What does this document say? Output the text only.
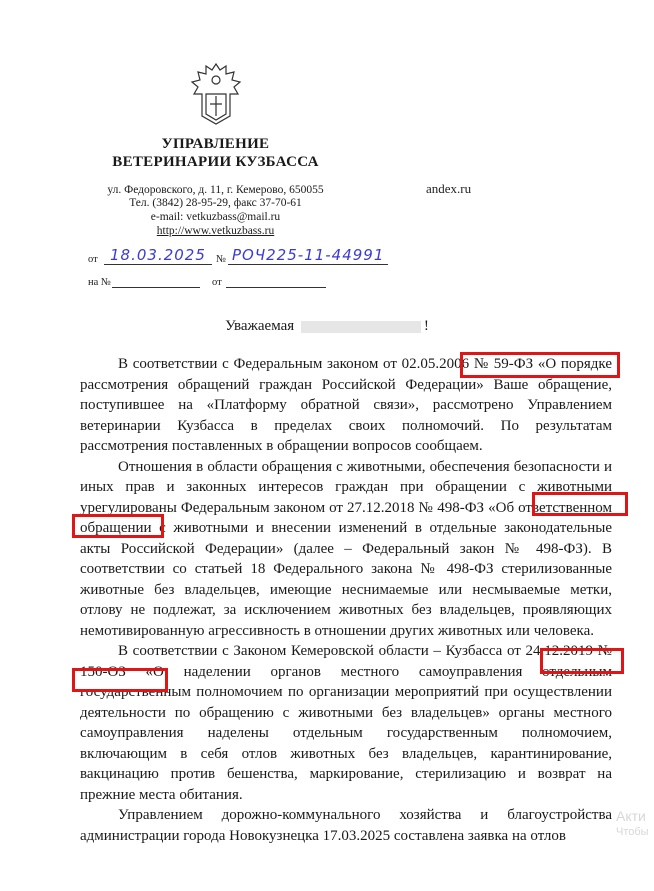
УПРАВЛЕНИЕ
ВЕТЕРИНАРИИ КУЗБАССА
ул. Федоровского, д. 11, г. Кемерово, 650055
Тел. (3842) 28-95-29, факс 37-70-61
e-mail: vetkuzbass@mail.ru
http://www.vetkuzbass.ru
andex.ru
от 18.03.2025 № РОЧ225-11-44991
на №	от
Уважаемая	!

В соответствии с Федеральным законом от 02.05.2006 № 59-ФЗ «О порядке рассмотрения обращений граждан Российской Федерации» Ваше обращение, поступившее на «Платформу обратной связи», рассмотрено Управлением ветеринарии Кузбасса в пределах своих полномочий. По результатам рассмотрения поставленных в обращении вопросов сообщаем.

Отношения в области обращения с животными, обеспечения безопасности и иных прав и законных интересов граждан при обращении с животными урегулированы Федеральным законом от 27.12.2018 № 498-ФЗ «Об ответственном обращении с животными и внесении изменений в отдельные законодательные акты Российской Федерации» (далее – Федеральный закон № 498-ФЗ). В соответствии со статьей 18 Федерального закона № 498-ФЗ стерилизованные животные без владельцев, имеющие неснимаемые или несмываемые метки, отлову не подлежат, за исключением животных без владельцев, проявляющих немотивированную агрессивность в отношении других животных или человека.

В соответствии с Законом Кемеровской области – Кузбасса от 24.12.2019 № 150-ОЗ «О наделении органов местного самоуправления отдельным государственным полномочием по организации мероприятий при осуществлении деятельности по обращению с животными без владельцев» органы местного самоуправления наделены отдельным государственным полномочием, включающим в себя отлов животных без владельцев, карантинирование, вакцинацию против бешенства, маркирование, стерилизацию и возврат на прежние места обитания.

Управлением дорожно-коммунального хозяйства и благоустройства администрации города Новокузнецка 17.03.2025 составлена заявка на отлов

Акти
Чтобы
